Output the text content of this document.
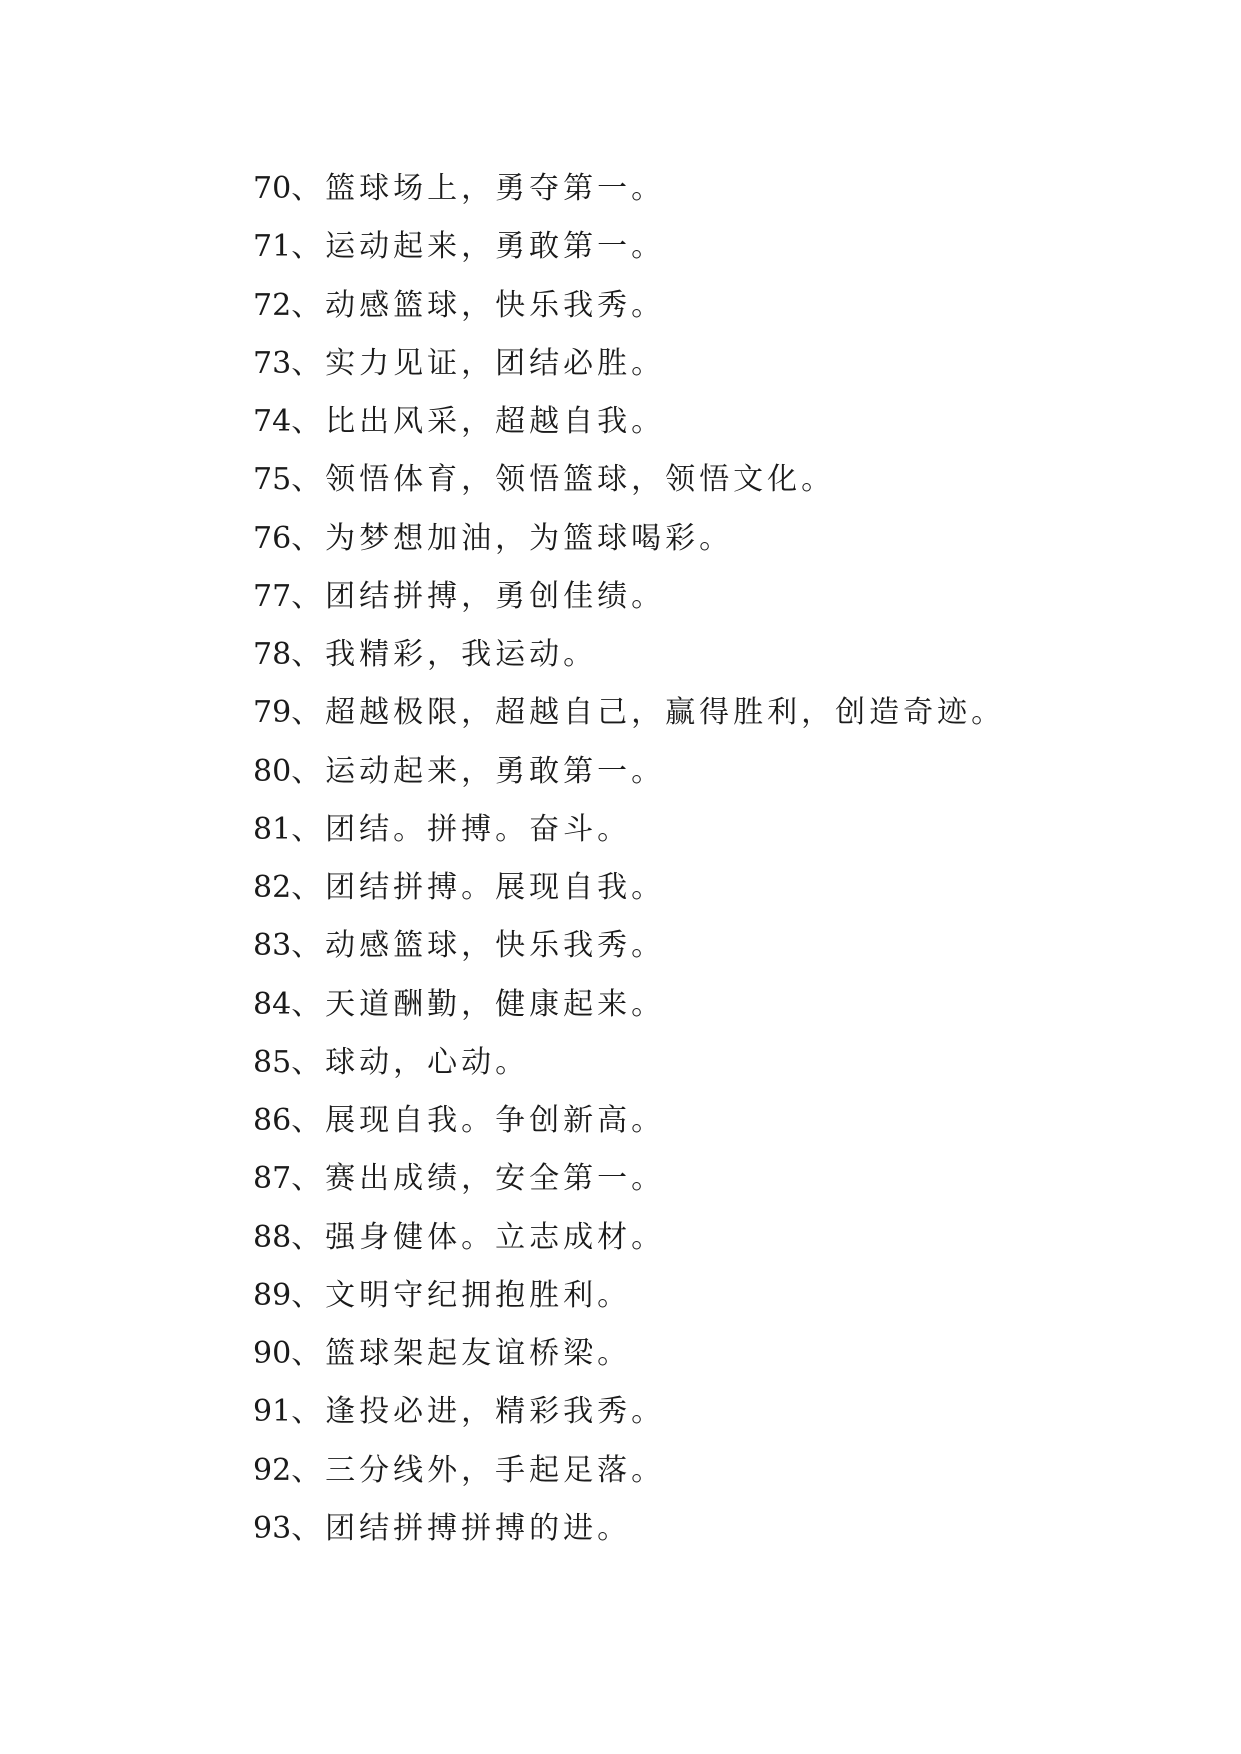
70、篮球场上，勇夺第一。
71、运动起来，勇敢第一。
72、动感篮球，快乐我秀。
73、实力见证，团结必胜。
74、比出风采，超越自我。
75、领悟体育，领悟篮球，领悟文化。
76、为梦想加油，为篮球喝彩。
77、团结拼搏，勇创佳绩。
78、我精彩，我运动。
79、超越极限，超越自己，赢得胜利，创造奇迹。
80、运动起来，勇敢第一。
81、团结。拼搏。奋斗。
82、团结拼搏。展现自我。
83、动感篮球，快乐我秀。
84、天道酬勤，健康起来。
85、球动，心动。
86、展现自我。争创新高。
87、赛出成绩，安全第一。
88、强身健体。立志成材。
89、文明守纪拥抱胜利。
90、篮球架起友谊桥梁。
91、逢投必进，精彩我秀。
92、三分线外，手起足落。
93、团结拼搏拼搏的进。
